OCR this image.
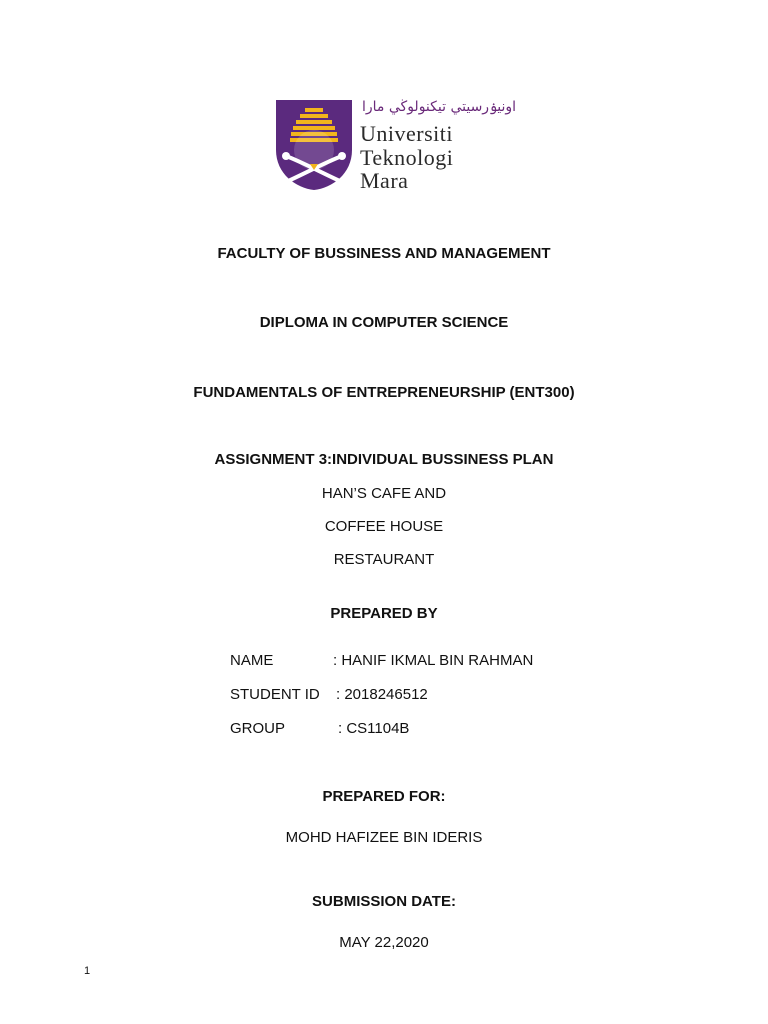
اونيۏرسيتي تيكنولوڬي مارا
Universiti
Teknologi
Mara
FACULTY OF BUSSINESS AND MANAGEMENT
DIPLOMA IN COMPUTER SCIENCE
FUNDAMENTALS OF ENTREPRENEURSHIP (ENT300)
ASSIGNMENT 3:INDIVIDUAL BUSSINESS PLAN
HAN’S CAFE AND
COFFEE HOUSE
RESTAURANT
PREPARED BY
NAME	: HANIF IKMAL BIN RAHMAN
STUDENT ID : 2018246512
GROUP	: CS1104B
PREPARED FOR:
MOHD HAFIZEE BIN IDERIS
SUBMISSION DATE:
MAY 22,2020
1
